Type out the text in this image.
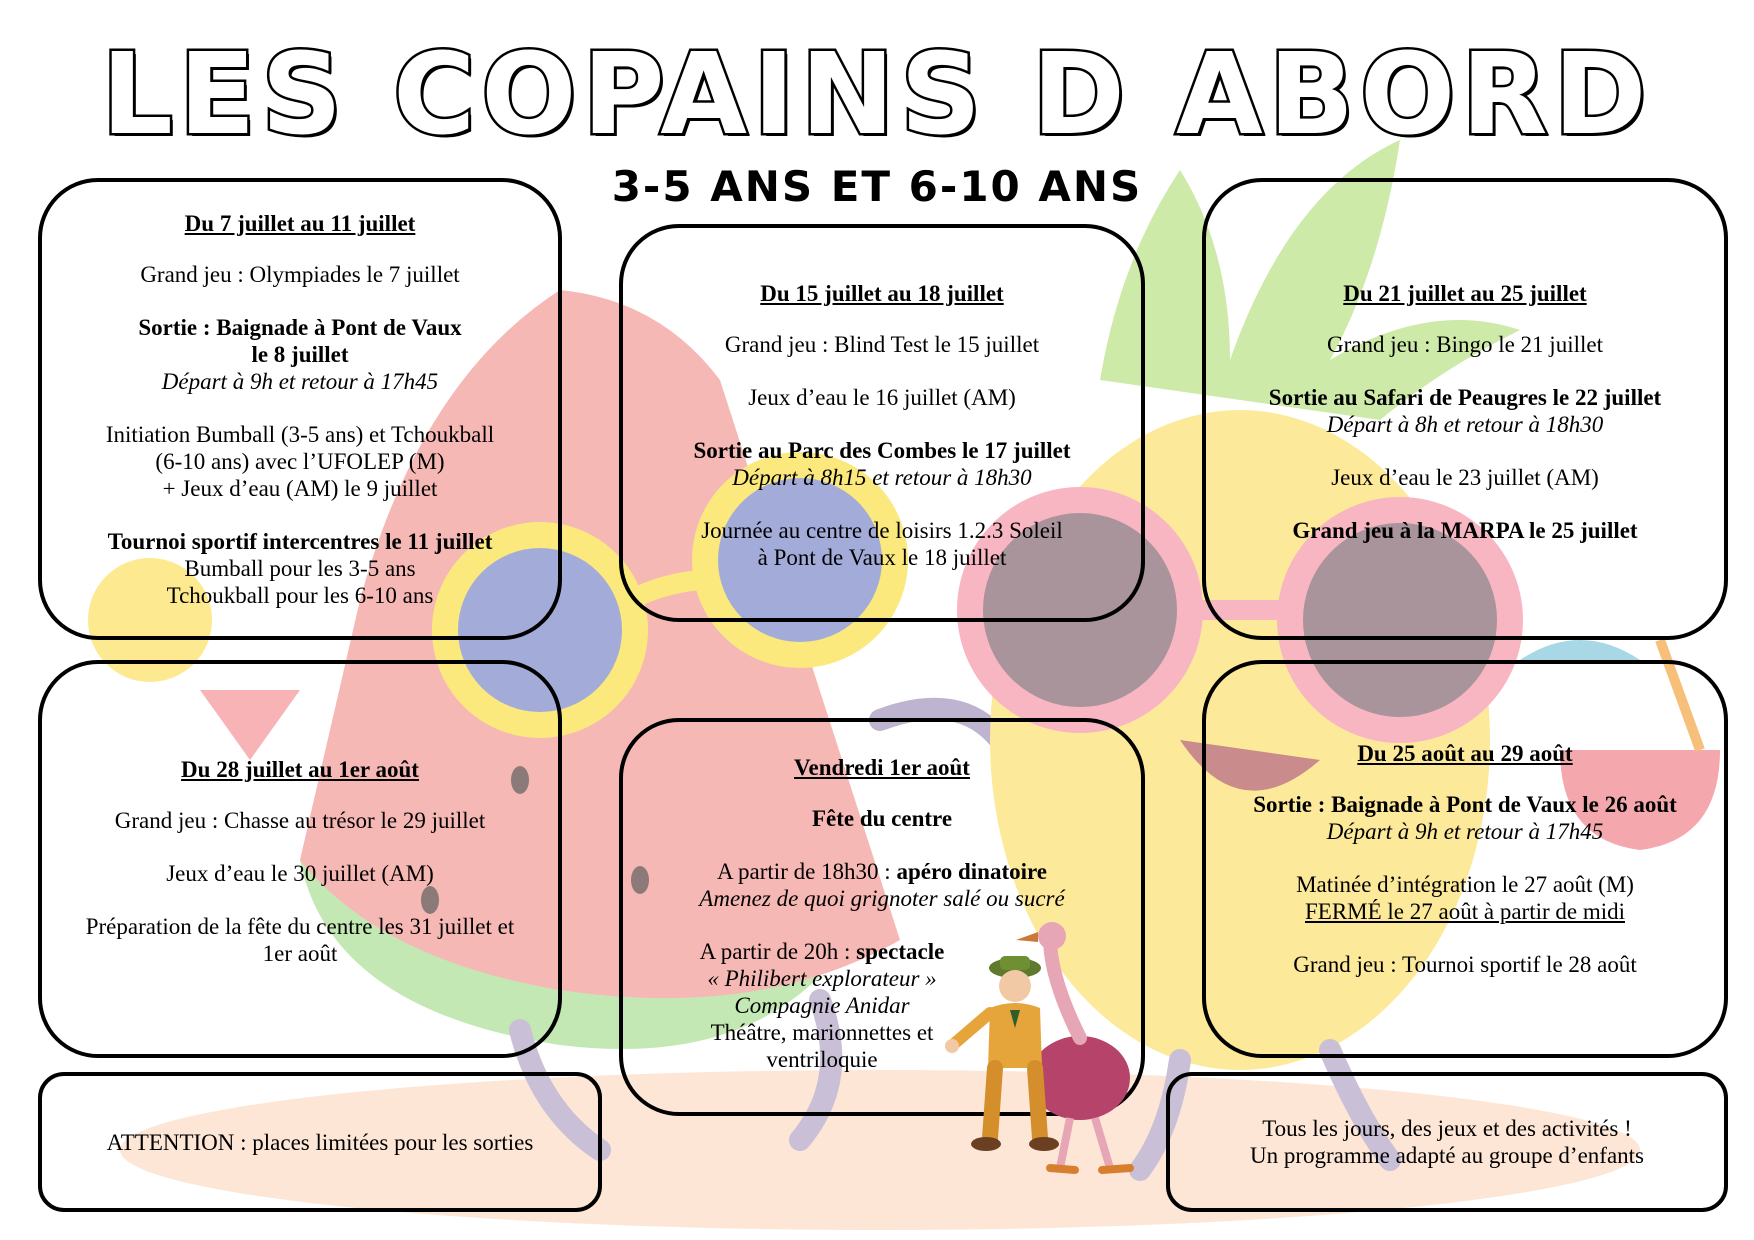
LES COPAINS D ABORD
3-5 ANS ET 6-10 ANS
Du 7 juillet au 11 juillet
Grand jeu : Olympiades le 7 juillet
Sortie : Baignade à Pont de Vaux
le 8 juillet
Départ à 9h et retour à 17h45
Initiation Bumball (3-5 ans) et Tchoukball
(6-10 ans) avec l’UFOLEP (M)
+ Jeux d’eau (AM) le 9 juillet
Tournoi sportif intercentres le 11 juillet
Bumball pour les 3-5 ans
Tchoukball pour les 6-10 ans
Du 15 juillet au 18 juillet
Grand jeu : Blind Test le 15 juillet
Jeux d’eau le 16 juillet (AM)
Sortie au Parc des Combes le 17 juillet
Départ à 8h15 et retour à 18h30
Journée au centre de loisirs 1.2.3 Soleil
à Pont de Vaux le 18 juillet
Du 21 juillet au 25 juillet
Grand jeu : Bingo le 21 juillet
Sortie au Safari de Peaugres le 22 juillet
Départ à 8h et retour à 18h30
Jeux d’eau le 23 juillet (AM)
Grand jeu à la MARPA le 25 juillet
Du 28 juillet au 1er août
Grand jeu : Chasse au trésor le 29 juillet
Jeux d’eau le 30 juillet (AM)
Préparation de la fête du centre les 31 juillet et
1er août
Vendredi 1er août
Fête du centre
A partir de 18h30 : apéro dinatoire
Amenez de quoi grignoter salé ou sucré
A partir de 20h : spectacle
« Philibert explorateur »
Compagnie Anidar
Théâtre, marionnettes et
ventriloquie
Du 25 août au 29 août
Sortie : Baignade à Pont de Vaux le 26 août
Départ à 9h et retour à 17h45
Matinée d’intégration le 27 août (M)
FERMÉ le 27 août à partir de midi
Grand jeu : Tournoi sportif le 28 août
ATTENTION : places limitées pour les sorties
Tous les jours, des jeux et des activités !
Un programme adapté au groupe d’enfants
